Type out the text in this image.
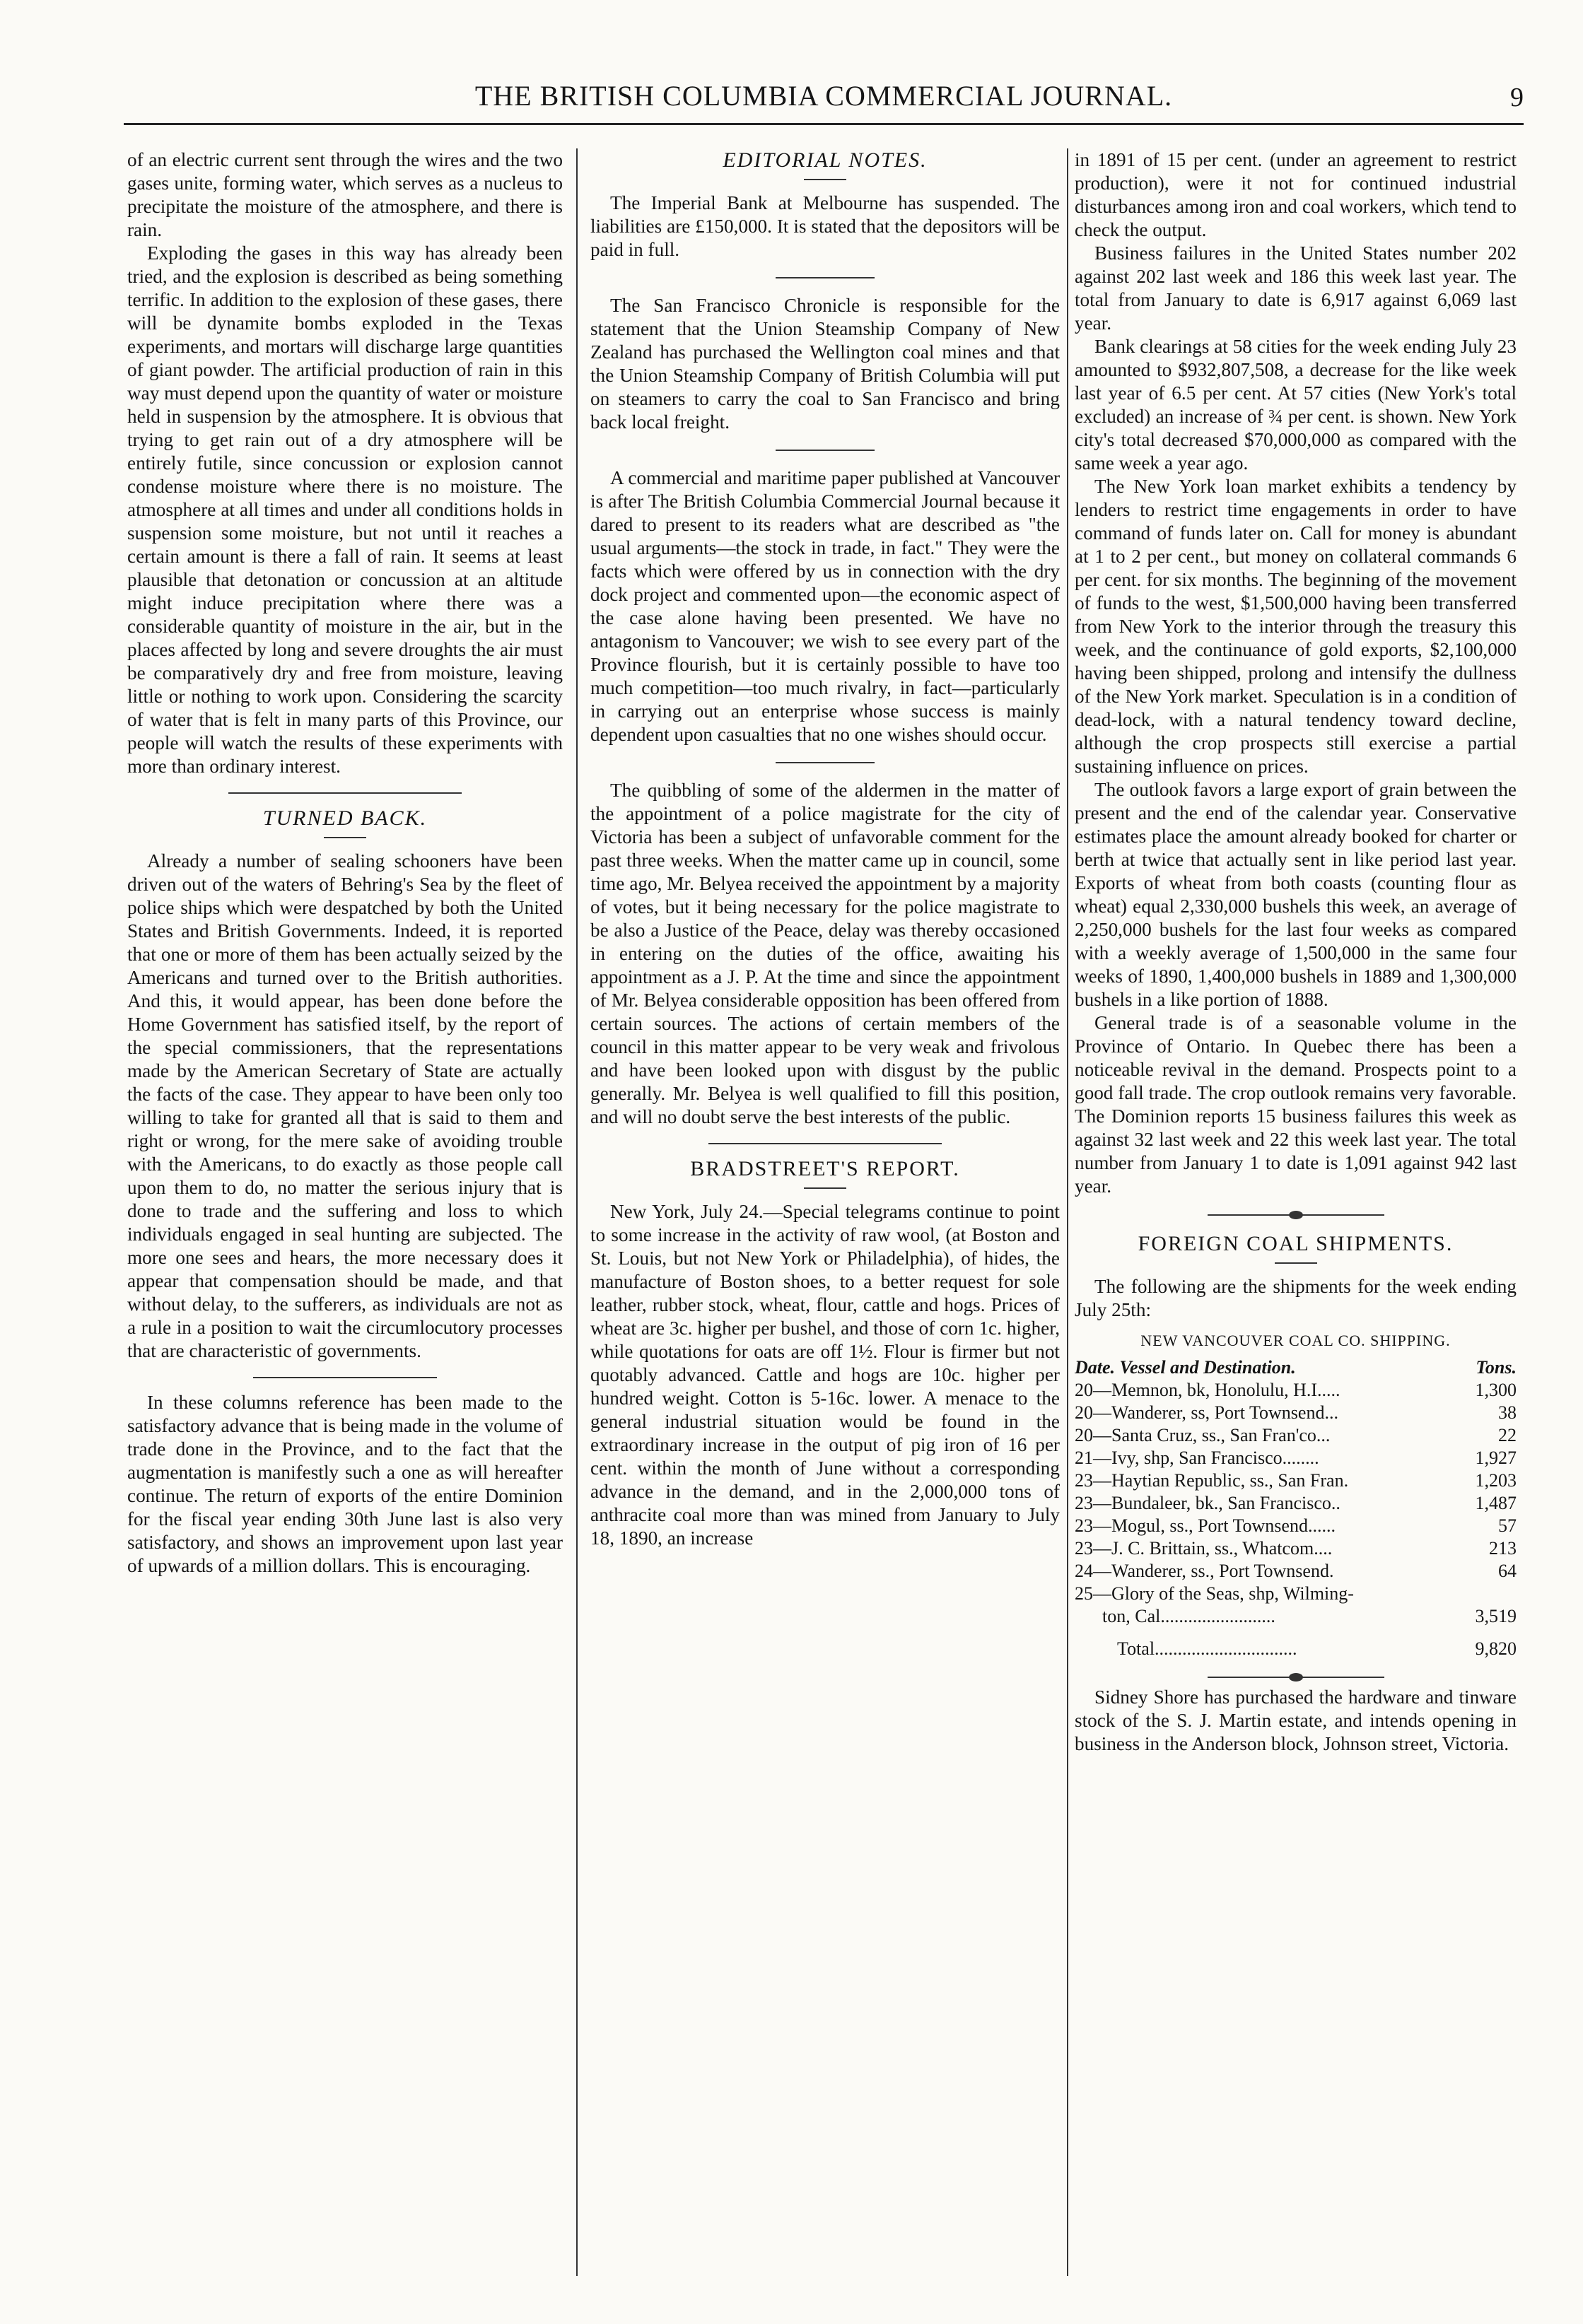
THE BRITISH COLUMBIA COMMERCIAL JOURNAL.	9

of an electric current sent through the wires and the two gases unite, forming water, which serves as a nucleus to precipitate the moisture of the atmosphere, and there is rain.

Exploding the gases in this way has already been tried, and the explosion is described as being something terrific. In addition to the explosion of these gases, there will be dynamite bombs exploded in the Texas experiments, and mortars will discharge large quantities of giant powder. The artificial production of rain in this way must depend upon the quantity of water or moisture held in suspension by the atmosphere. It is obvious that trying to get rain out of a dry atmosphere will be entirely futile, since concussion or explosion cannot condense moisture where there is no moisture. The atmosphere at all times and under all conditions holds in suspension some moisture, but not until it reaches a certain amount is there a fall of rain. It seems at least plausible that detonation or concussion at an altitude might induce precipitation where there was a considerable quantity of moisture in the air, but in the places affected by long and severe droughts the air must be comparatively dry and free from moisture, leaving little or nothing to work upon. Considering the scarcity of water that is felt in many parts of this Province, our people will watch the results of these experiments with more than ordinary interest.

TURNED BACK.

Already a number of sealing schooners have been driven out of the waters of Behring's Sea by the fleet of police ships which were despatched by both the United States and British Governments. Indeed, it is reported that one or more of them has been actually seized by the Americans and turned over to the British authorities. And this, it would appear, has been done before the Home Government has satisfied itself, by the report of the special commissioners, that the representations made by the American Secretary of State are actually the facts of the case. They appear to have been only too willing to take for granted all that is said to them and right or wrong, for the mere sake of avoiding trouble with the Americans, to do exactly as those people call upon them to do, no matter the serious injury that is done to trade and the suffering and loss to which individuals engaged in seal hunting are subjected. The more one sees and hears, the more necessary does it appear that compensation should be made, and that without delay, to the sufferers, as individuals are not as a rule in a position to wait the circumlocutory processes that are characteristic of governments.

In these columns reference has been made to the satisfactory advance that is being made in the volume of trade done in the Province, and to the fact that the augmentation is manifestly such a one as will hereafter continue. The return of exports of the entire Dominion for the fiscal year ending 30th June last is also very satisfactory, and shows an improvement upon last year of upwards of a million dollars. This is encouraging.

EDITORIAL NOTES.

The Imperial Bank at Melbourne has suspended. The liabilities are £150,000. It is stated that the depositors will be paid in full.

The San Francisco Chronicle is responsible for the statement that the Union Steamship Company of New Zealand has purchased the Wellington coal mines and that the Union Steamship Company of British Columbia will put on steamers to carry the coal to San Francisco and bring back local freight.

A commercial and maritime paper published at Vancouver is after The British Columbia Commercial Journal because it dared to present to its readers what are described as "the usual arguments—the stock in trade, in fact." They were the facts which were offered by us in connection with the dry dock project and commented upon—the economic aspect of the case alone having been presented. We have no antagonism to Vancouver; we wish to see every part of the Province flourish, but it is certainly possible to have too much competition—too much rivalry, in fact—particularly in carrying out an enterprise whose success is mainly dependent upon casualties that no one wishes should occur.

The quibbling of some of the aldermen in the matter of the appointment of a police magistrate for the city of Victoria has been a subject of unfavorable comment for the past three weeks. When the matter came up in council, some time ago, Mr. Belyea received the appointment by a majority of votes, but it being necessary for the police magistrate to be also a Justice of the Peace, delay was thereby occasioned in entering on the duties of the office, awaiting his appointment as a J. P. At the time and since the appointment of Mr. Belyea considerable opposition has been offered from certain sources. The actions of certain members of the council in this matter appear to be very weak and frivolous and have been looked upon with disgust by the public generally. Mr. Belyea is well qualified to fill this position, and will no doubt serve the best interests of the public.

BRADSTREET'S REPORT.

New York, July 24.—Special telegrams continue to point to some increase in the activity of raw wool, (at Boston and St. Louis, but not New York or Philadelphia), of hides, the manufacture of Boston shoes, to a better request for sole leather, rubber stock, wheat, flour, cattle and hogs. Prices of wheat are 3c. higher per bushel, and those of corn 1c. higher, while quotations for oats are off 1½. Flour is firmer but not quotably advanced. Cattle and hogs are 10c. higher per hundred weight. Cotton is 5-16c. lower. A menace to the general industrial situation would be found in the extraordinary increase in the output of pig iron of 16 per cent. within the month of June without a corresponding advance in the demand, and in the 2,000,000 tons of anthracite coal more than was mined from January to July 18, 1890, an increase

in 1891 of 15 per cent. (under an agreement to restrict production), were it not for continued industrial disturbances among iron and coal workers, which tend to check the output.

Business failures in the United States number 202 against 202 last week and 186 this week last year. The total from January to date is 6,917 against 6,069 last year.

Bank clearings at 58 cities for the week ending July 23 amounted to $932,807,508, a decrease for the like week last year of 6.5 per cent. At 57 cities (New York's total excluded) an increase of ¾ per cent. is shown. New York city's total decreased $70,000,000 as compared with the same week a year ago.

The New York loan market exhibits a tendency by lenders to restrict time engagements in order to have command of funds later on. Call for money is abundant at 1 to 2 per cent., but money on collateral commands 6 per cent. for six months. The beginning of the movement of funds to the west, $1,500,000 having been transferred from New York to the interior through the treasury this week, and the continuance of gold exports, $2,100,000 having been shipped, prolong and intensify the dullness of the New York market. Speculation is in a condition of dead-lock, with a natural tendency toward decline, although the crop prospects still exercise a partial sustaining influence on prices.

The outlook favors a large export of grain between the present and the end of the calendar year. Conservative estimates place the amount already booked for charter or berth at twice that actually sent in like period last year. Exports of wheat from both coasts (counting flour as wheat) equal 2,330,000 bushels this week, an average of 2,250,000 bushels for the last four weeks as compared with a weekly average of 1,500,000 in the same four weeks of 1890, 1,400,000 bushels in 1889 and 1,300,000 bushels in a like portion of 1888.

General trade is of a seasonable volume in the Province of Ontario. In Quebec there has been a noticeable revival in the demand. Prospects point to a good fall trade. The crop outlook remains very favorable. The Dominion reports 15 business failures this week as against 32 last week and 22 this week last year. The total number from January 1 to date is 1,091 against 942 last year.

FOREIGN COAL SHIPMENTS.

The following are the shipments for the week ending July 25th:

NEW VANCOUVER COAL CO. SHIPPING.
Date. Vessel and Destination.	Tons.
20—Memnon, bk, Honolulu, H.I.....	1,300
20—Wanderer, ss, Port Townsend...	38
20—Santa Cruz, ss., San Fran'co...	22
21—Ivy, shp, San Francisco........	1,927
23—Haytian Republic, ss., San Fran.	1,203
23—Bundaleer, bk., San Francisco..	1,487
23—Mogul, ss., Port Townsend......	57
23—J. C. Brittain, ss., Whatcom....	213
24—Wanderer, ss., Port Townsend.	64
25—Glory of the Seas, shp, Wilming-
ton, Cal.........................	3,519
Total...............................	9,820

Sidney Shore has purchased the hardware and tinware stock of the S. J. Martin estate, and intends opening in business in the Anderson block, Johnson street, Victoria.
